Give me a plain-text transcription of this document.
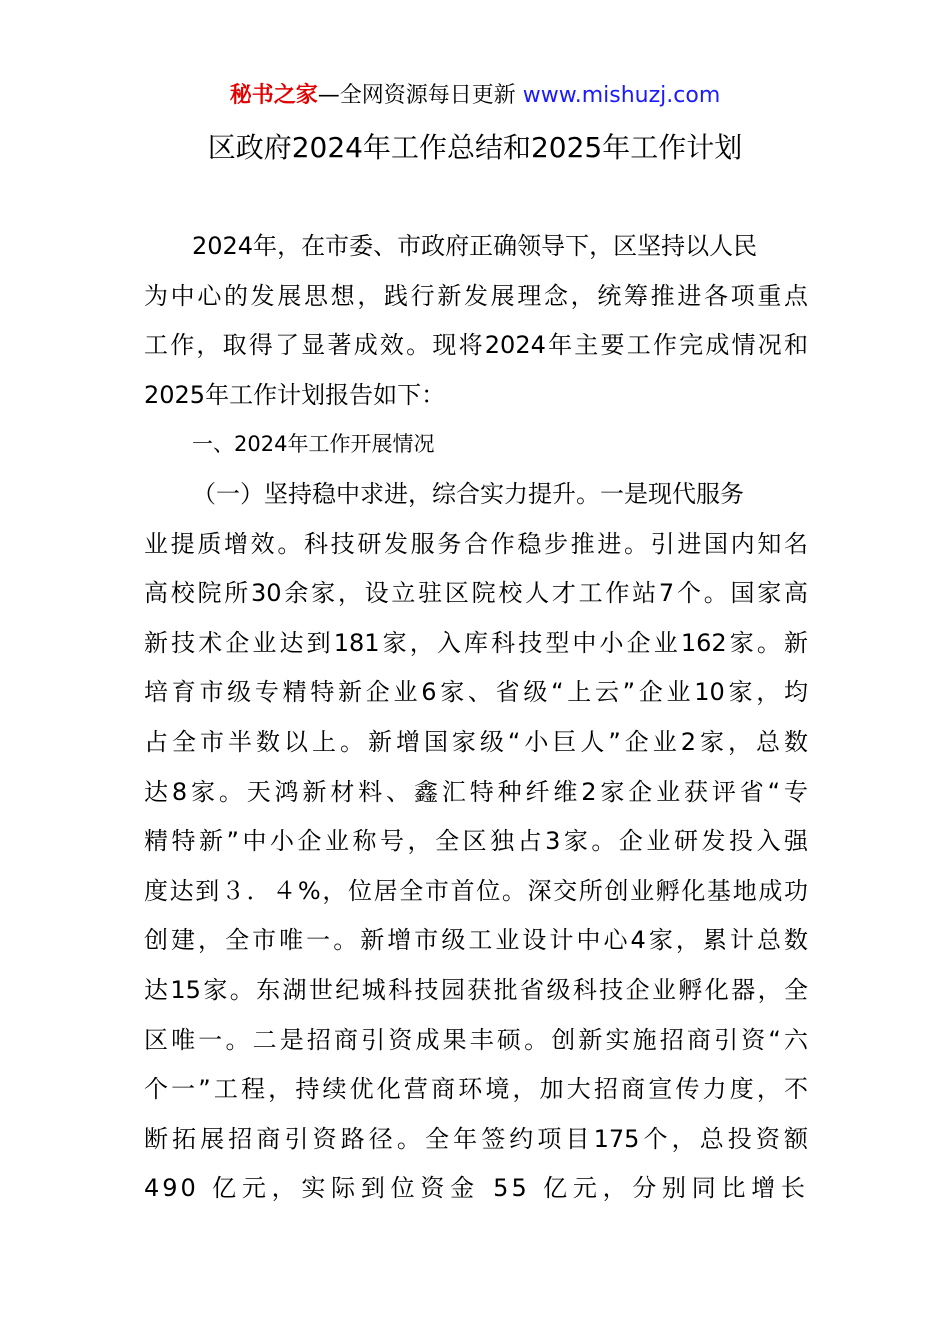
秘书之家—全网资源每日更新 www.mishuzj.com
区政府2024年工作总结和2025年工作计划
2024年，在市委、市政府正确领导下，区坚持以人民
为中心的发展思想，践行新发展理念，统筹推进各项重点
工作，取得了显著成效。现将2024年主要工作完成情况和
2025年工作计划报告如下：
一、2024年工作开展情况
（一）坚持稳中求进，综合实力提升。一是现代服务
业提质增效。科技研发服务合作稳步推进。引进国内知名
高校院所30余家，设立驻区院校人才工作站7个。国家高
新技术企业达到181家，入库科技型中小企业162家。新
培育市级专精特新企业6家、省级“上云”企业10家，均
占全市半数以上。新增国家级“小巨人”企业2家，总数
达8家。天鸿新材料、鑫汇特种纤维2家企业获评省“专
精特新”中小企业称号，全区独占3家。企业研发投入强
度达到３．４%，位居全市首位。深交所创业孵化基地成功
创建，全市唯一。新增市级工业设计中心4家，累计总数
达15家。东湖世纪城科技园获批省级科技企业孵化器，全
区唯一。二是招商引资成果丰硕。创新实施招商引资“六
个一”工程，持续优化营商环境，加大招商宣传力度，不
断拓展招商引资路径。全年签约项目175个，总投资额
490 亿元，实际到位资金 55 亿元，分别同比增长
